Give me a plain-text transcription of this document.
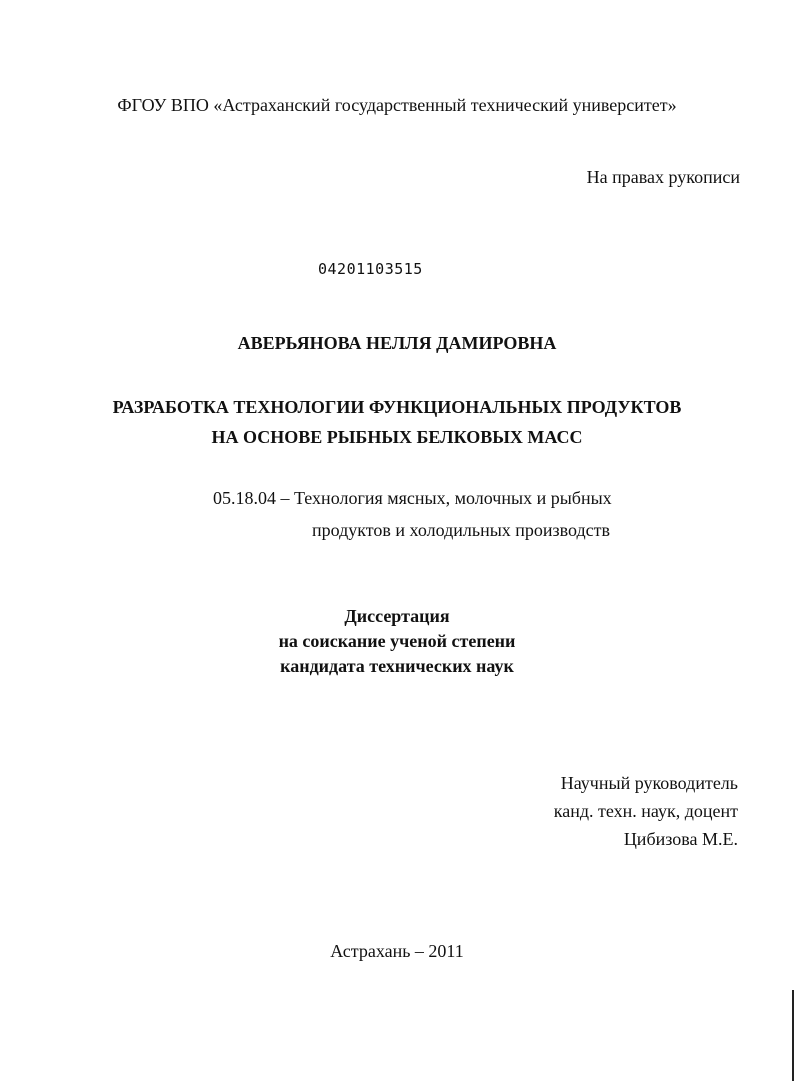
ФГОУ ВПО «Астраханский государственный технический университет»
На правах рукописи
04201103515
АВЕРЬЯНОВА НЕЛЛЯ ДАМИРОВНА
РАЗРАБОТКА ТЕХНОЛОГИИ ФУНКЦИОНАЛЬНЫХ ПРОДУКТОВ
НА ОСНОВЕ РЫБНЫХ БЕЛКОВЫХ МАСС
05.18.04 – Технология мясных, молочных и рыбных
продуктов и холодильных производств
Диссертация
на соискание ученой степени
кандидата технических наук
Научный руководитель
канд. техн. наук, доцент
Цибизова М.Е.
Астрахань – 2011
